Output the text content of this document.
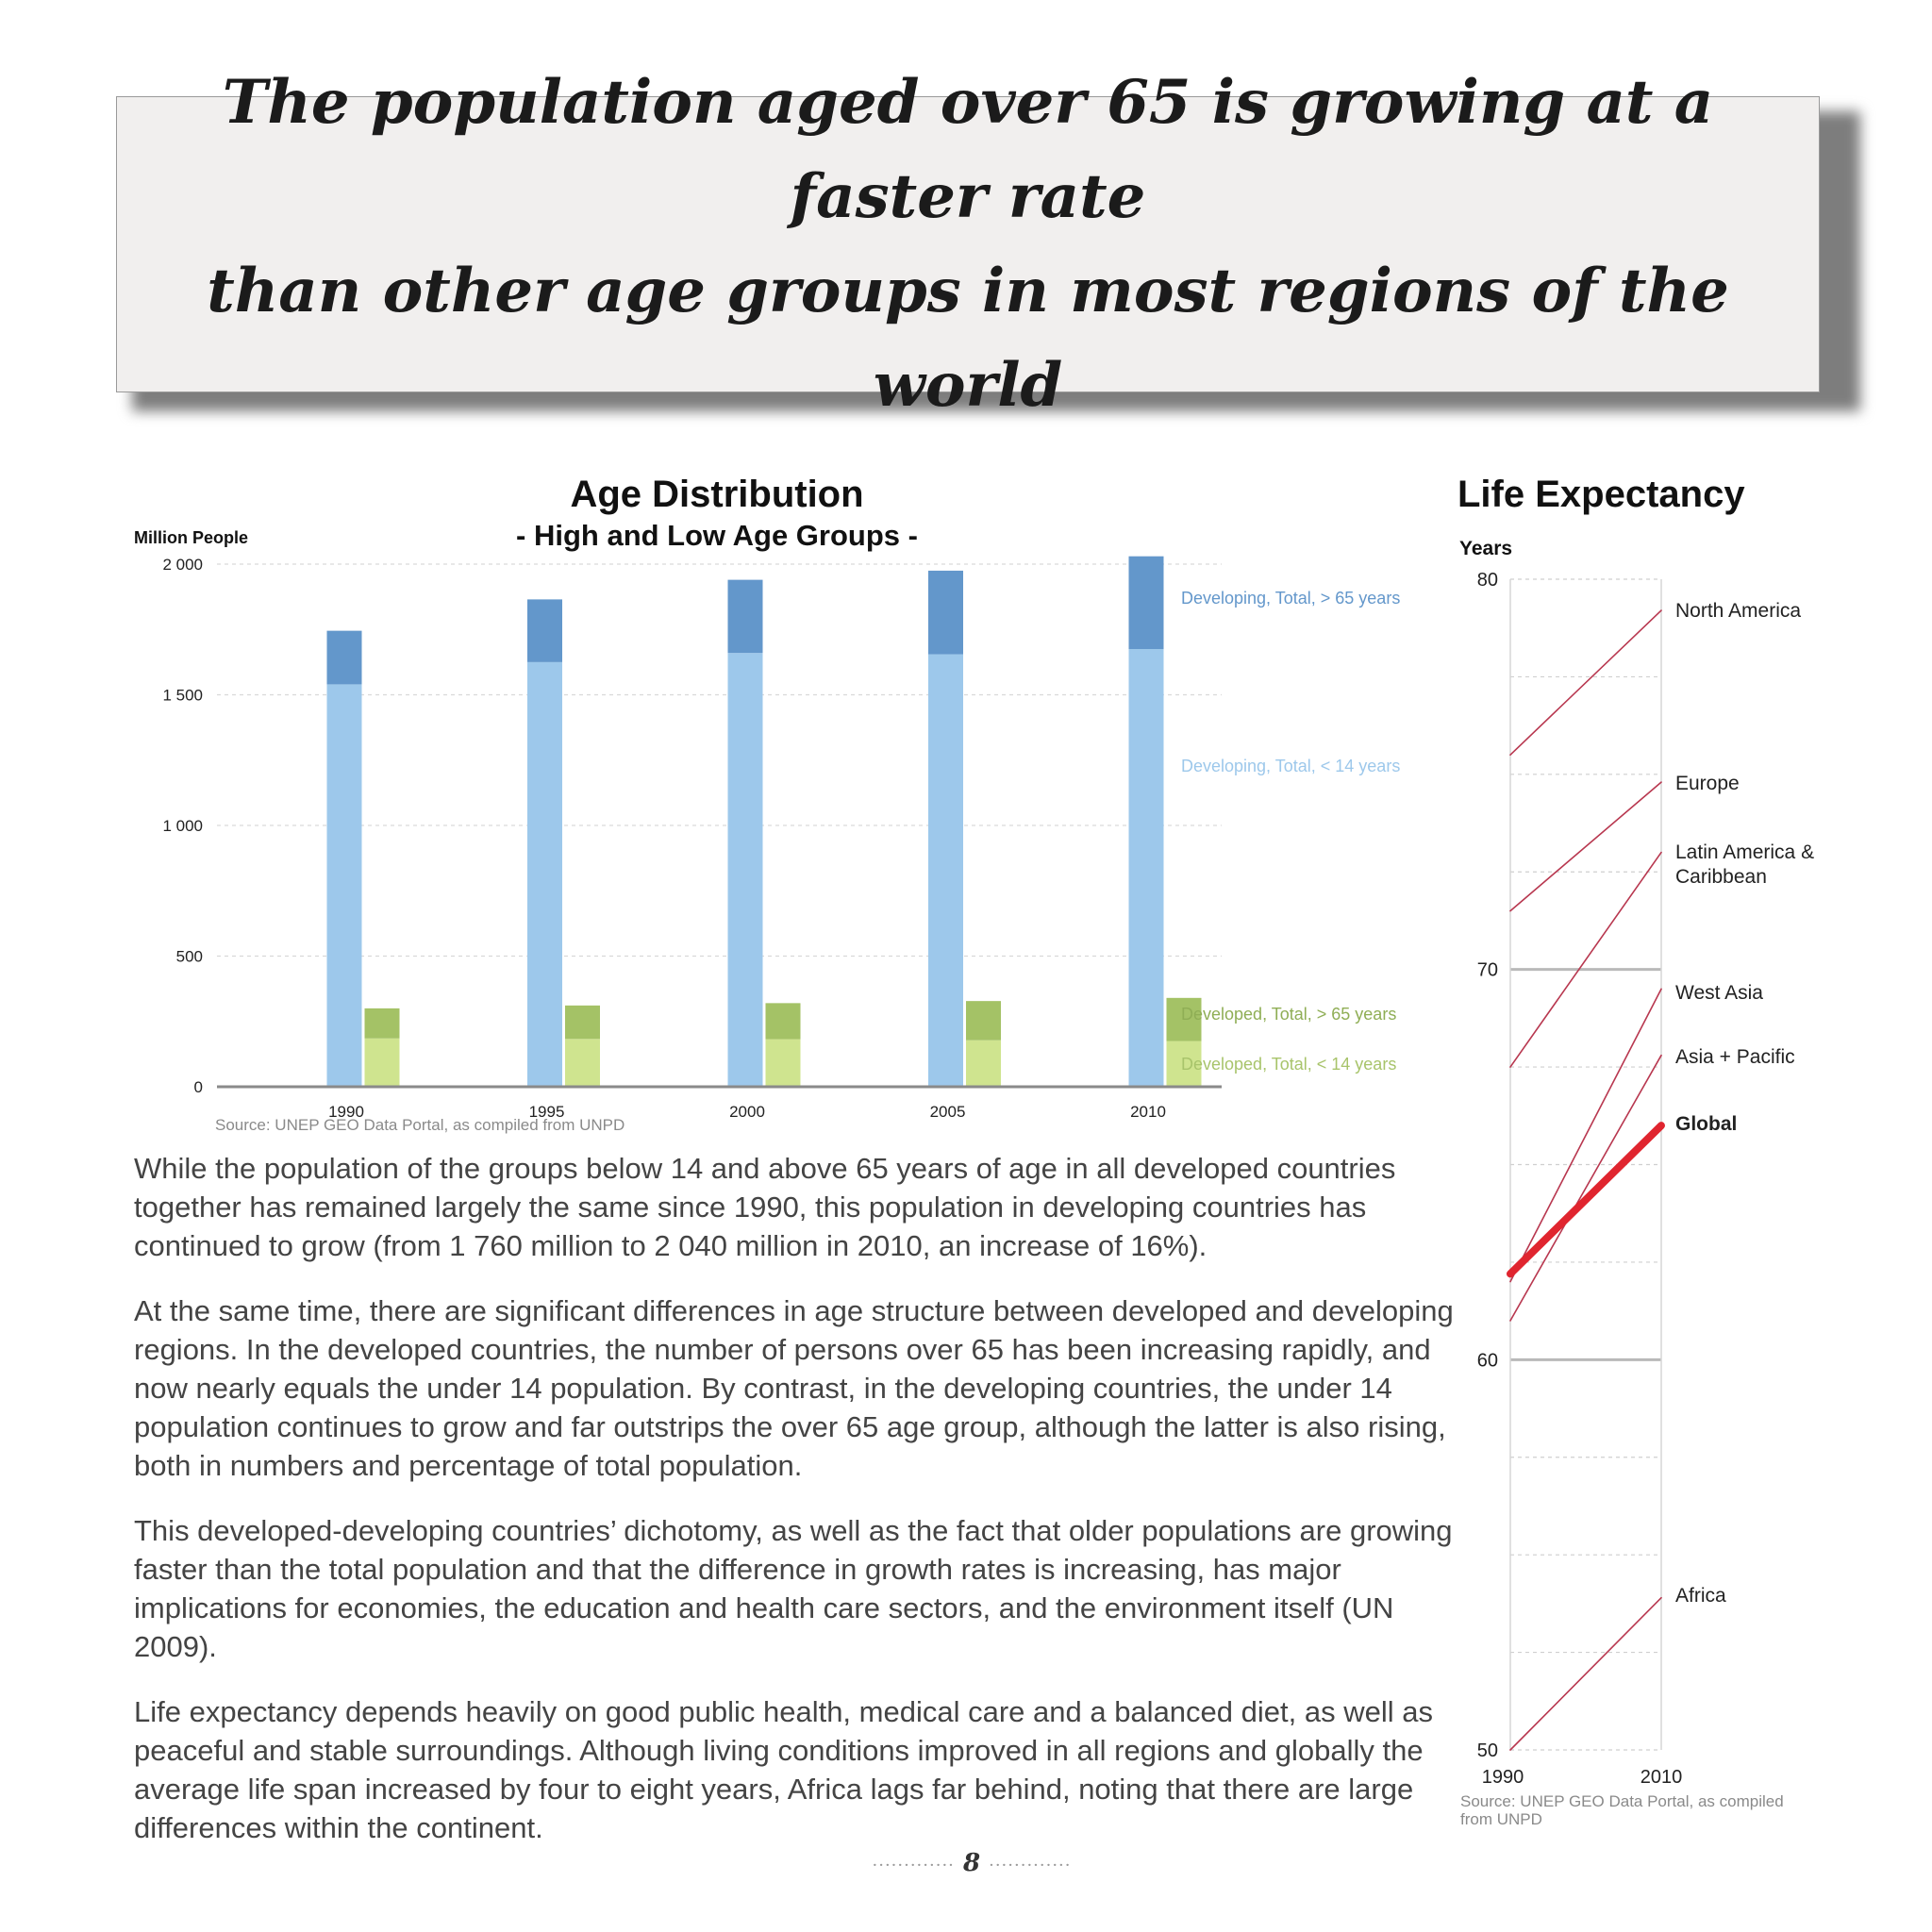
The population aged over 65 is growing at a faster rate
than other age groups in most regions of the world
Age Distribution
- High and Low Age Groups -
Million People
0
500
1 000
1 500
2 000
1990	1995	2000	2005	2010
Developing, Total, > 65 years
Developing, Total, < 14 years
Developed, Total, > 65 years
Developed, Total, < 14 years
Source: UNEP GEO Data Portal, as compiled from UNPD
Life Expectancy
Years
50
60
70
80
North America
Europe
Latin America &
Caribbean
West Asia
Asia + Pacific
Global
Africa
1990	2010
Source: UNEP GEO Data Portal, as compiled
from UNPD

While the population of the groups below 14 and above 65 years of age in all developed countries together has remained largely the same since 1990, this population in developing countries has continued to grow (from 1 760 million to 2 040 million in 2010, an increase of 16%).

At the same time, there are significant differences in age structure between developed and developing regions. In the developed countries, the number of persons over 65 has been increasing rapidly, and now nearly equals the under 14 population. By contrast, in the developing countries, the under 14 population continues to grow and far outstrips the over 65 age group, although the latter is also rising, both in numbers and percentage of total population.

This developed-developing countries’ dichotomy, as well as the fact that older populations are growing faster than the total population and that the difference in growth rates is increasing, has major implications for economies, the education and health care sectors, and the environment itself (UN 2009).

Life expectancy depends heavily on good public health, medical care and a balanced diet, as well as peaceful and stable surroundings. Although living conditions improved in all regions and globally the average life span increased by four to eight years, Africa lags far behind, noting that there are large differences within the continent.

············· 8 ·············
